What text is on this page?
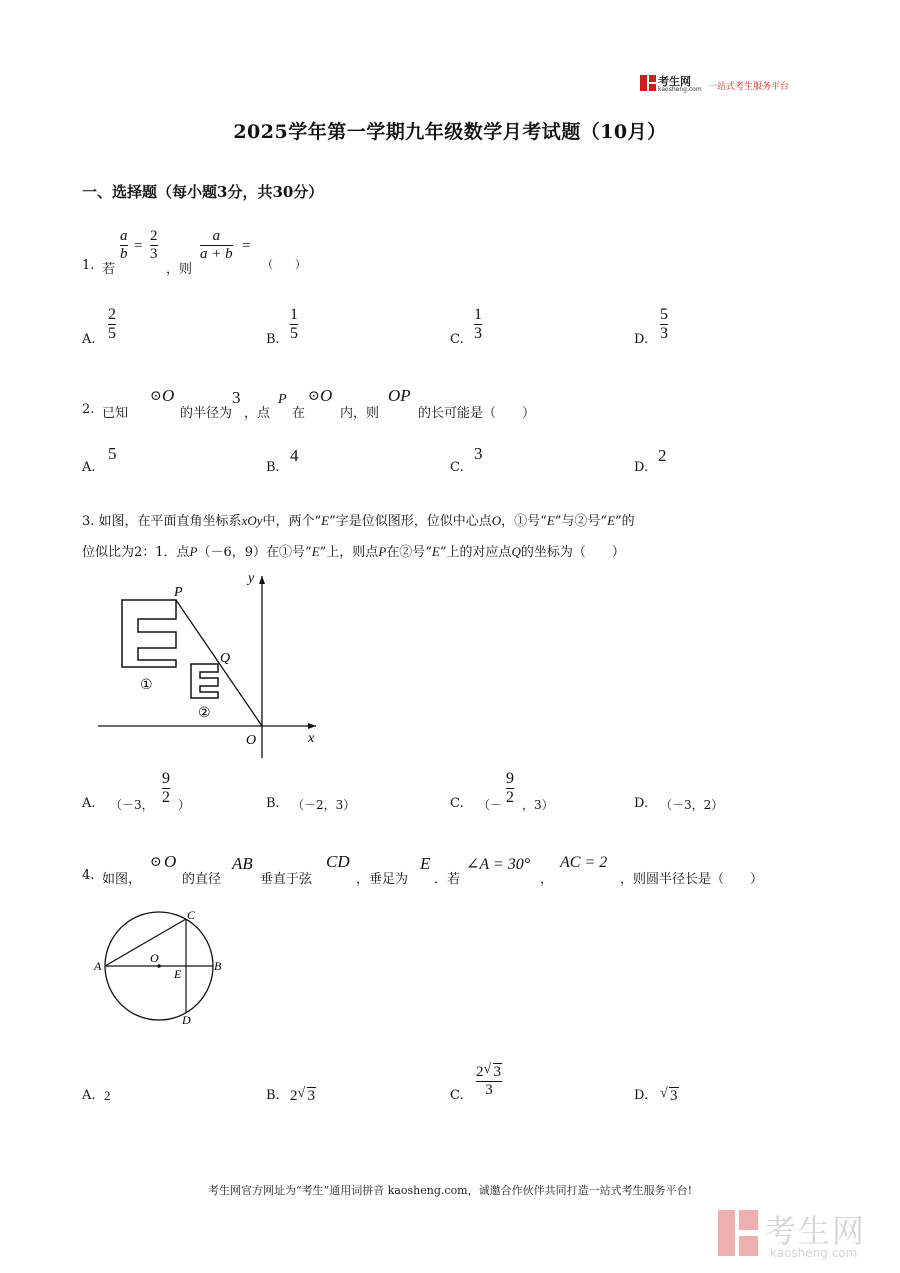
考生网
kaosheng.com 一站式考生服务平台
2025学年第一学期九年级数学月考试题（10月）
一、选择题（每小题3分，共30分）
1. 若
a
b
=
2
3
，则
a
a + b
=
（　　）
A.
2
5	B.
1
5	C.
1
3	D.
5
3
2. 已知
⊙ O
的半径为
3
，点
P
在
⊙ O
内，则
OP
的长可能是（　　）
A.
5
B.
4
C.
3
D.
2
3. 如图，在平面直角坐标系xOy中，两个“E”字是位似图形，位似中心点O，①号“E”与②号“E”的
位似比为2：1．点P（－6，9）在①号“E”上，则点P在②号“E”上的对应点Q的坐标为（　　）
P
Q
O	x
y
①
②
A. （－3，
9
2 ）	B. （－2，3）	C. （－
9
2 ，3）	D. （－3，2）
4. 如图，
⊙ O
的直径
AB
垂直于弦
CD
，垂足为
E
．若
∠A = 30°
，
AC = 2
，则圆半径长是（　　）
A	B
C
D
E
O
A. 2	B. 2 √ 3	C.
2 √ 3
3	D. √ 3
考生网官方网址为“考生”通用词拼音 kaosheng.com，诚邀合作伙伴共同打造一站式考生服务平台!
考生网
kaosheng.com
